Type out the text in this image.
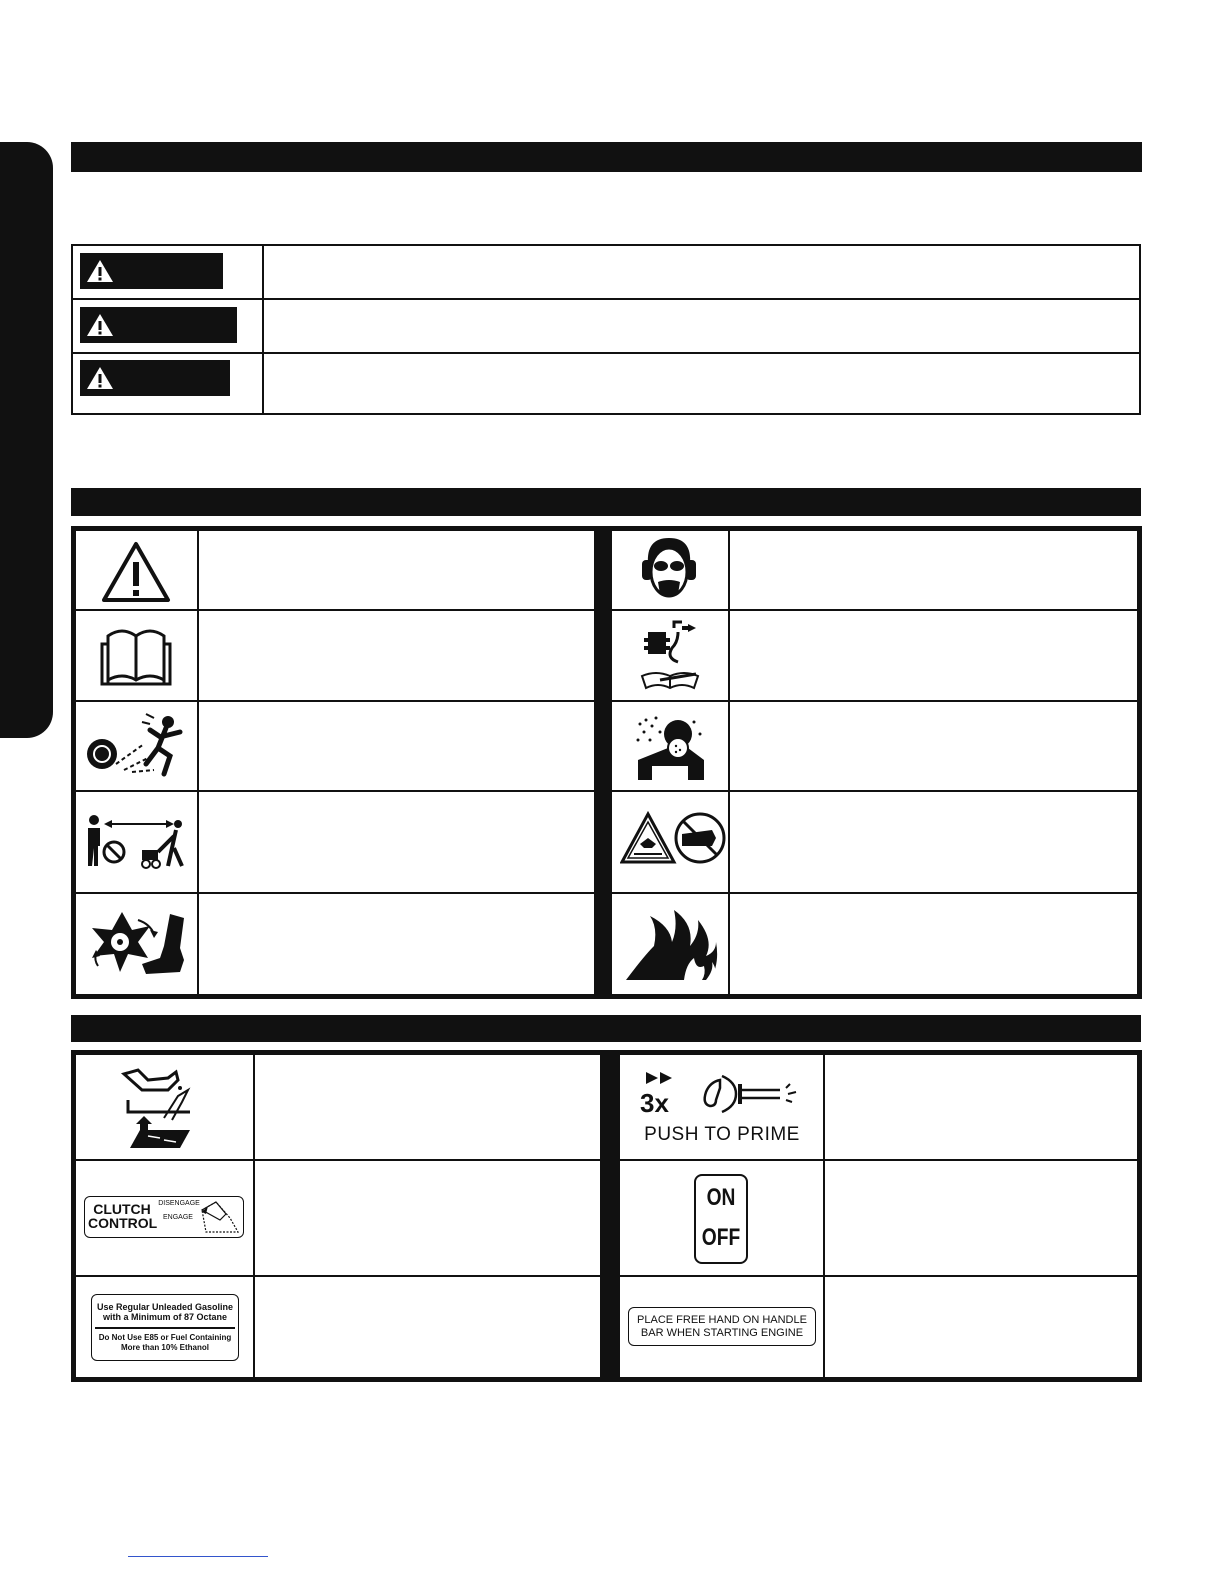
3x
PUSH TO PRIME
CLUTCH
CONTROL
DISENGAGE
ENGAGE
ON
OFF
Use Regular Unleaded Gasoline
with a Minimum of 87 Octane
Do Not Use E85 or Fuel Containing
More than 10% Ethanol
PLACE FREE HAND ON HANDLE
BAR WHEN STARTING ENGINE
